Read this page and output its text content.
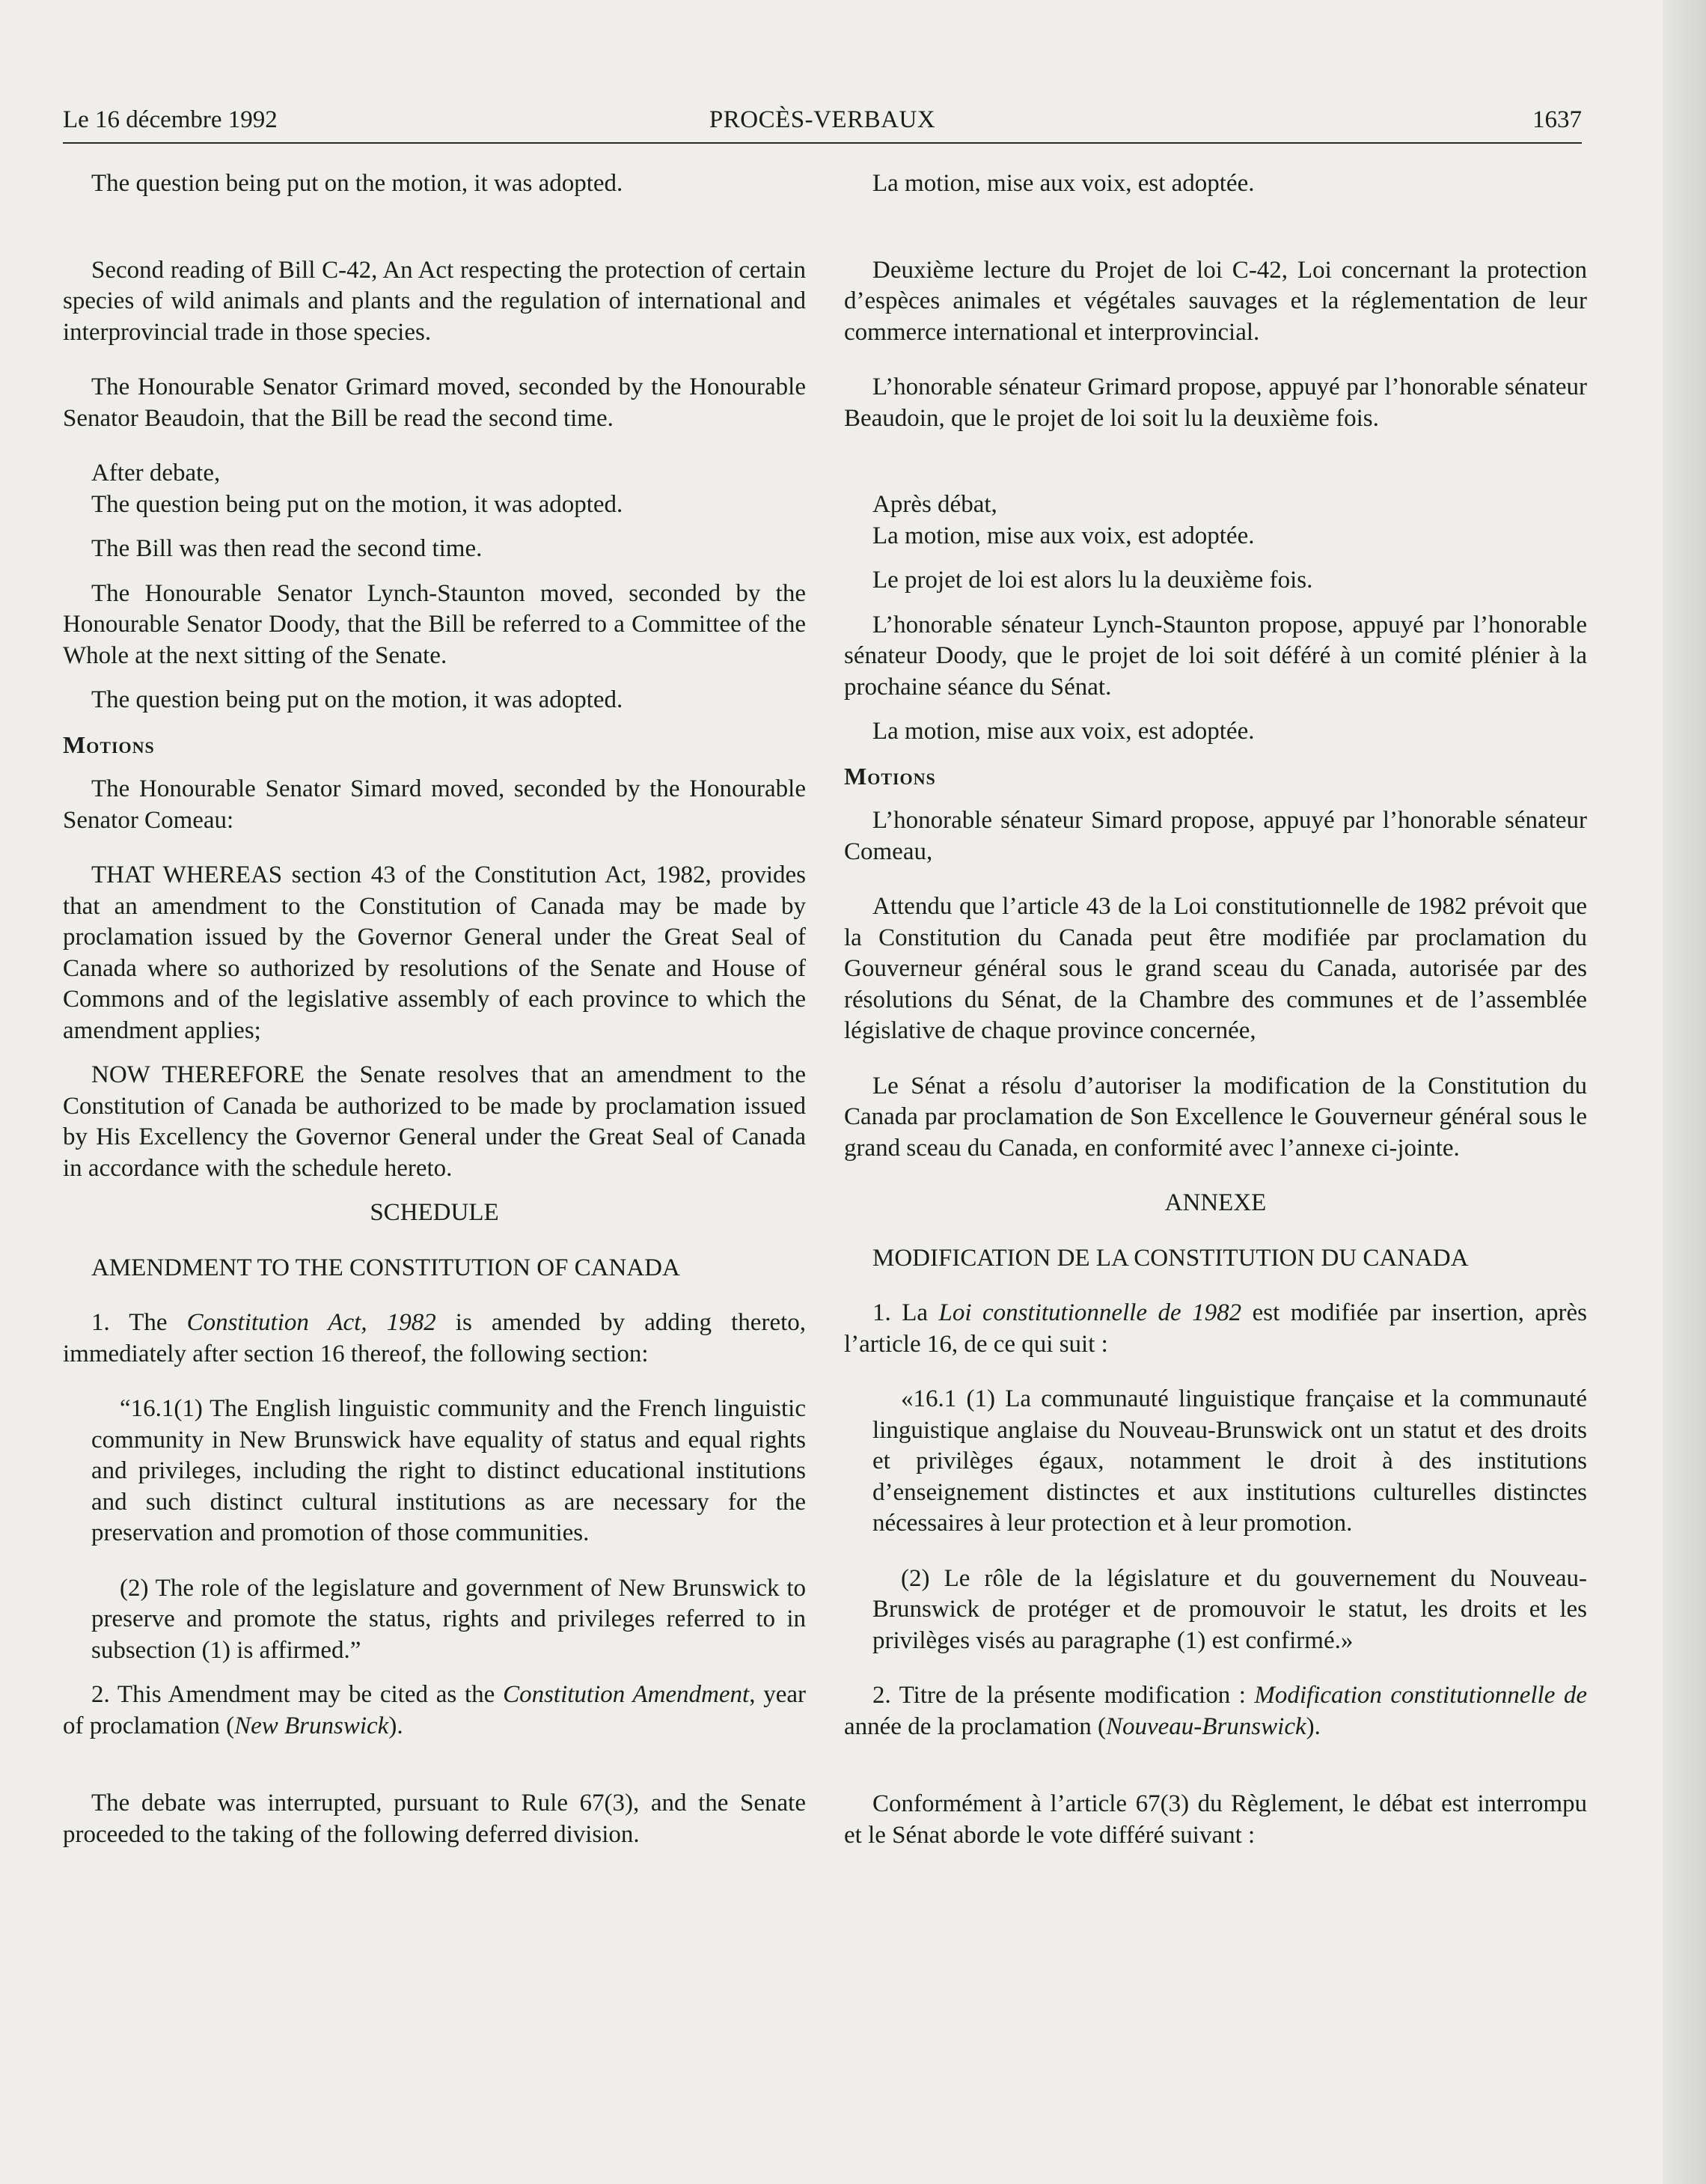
Le 16 décembre 1992	PROCÈS-VERBAUX	1637

The question being put on the motion, it was adopted.

Second reading of Bill C-42, An Act respecting the protection of certain species of wild animals and plants and the regulation of international and interprovincial trade in those species.

The Honourable Senator Grimard moved, seconded by the Honourable Senator Beaudoin, that the Bill be read the second time.

After debate,

The question being put on the motion, it was adopted.

The Bill was then read the second time.

The Honourable Senator Lynch-Staunton moved, seconded by the Honourable Senator Doody, that the Bill be referred to a Committee of the Whole at the next sitting of the Senate.

The question being put on the motion, it was adopted.

Motions

The Honourable Senator Simard moved, seconded by the Honourable Senator Comeau:

THAT WHEREAS section 43 of the Constitution Act, 1982, provides that an amendment to the Constitution of Canada may be made by proclamation issued by the Governor General under the Great Seal of Canada where so authorized by resolutions of the Senate and House of Commons and of the legislative assembly of each province to which the amendment applies;

NOW THEREFORE the Senate resolves that an amendment to the Constitution of Canada be authorized to be made by proclamation issued by His Excellency the Governor General under the Great Seal of Canada in accordance with the schedule hereto.

SCHEDULE

AMENDMENT TO THE CONSTITUTION OF CANADA

1. The Constitution Act, 1982 is amended by adding thereto, immediately after section 16 thereof, the following section:

“16.1(1) The English linguistic community and the French linguistic community in New Brunswick have equality of status and equal rights and privileges, including the right to distinct educational institutions and such distinct cultural institutions as are necessary for the preservation and promotion of those communities.

(2) The role of the legislature and government of New Brunswick to preserve and promote the status, rights and privileges referred to in subsection (1) is affirmed.”

2. This Amendment may be cited as the Constitution Amendment, year of proclamation (New Brunswick).

The debate was interrupted, pursuant to Rule 67(3), and the Senate proceeded to the taking of the following deferred division.

La motion, mise aux voix, est adoptée.

Deuxième lecture du Projet de loi C-42, Loi concernant la protection d’espèces animales et végétales sauvages et la réglementation de leur commerce international et interprovincial.

L’honorable sénateur Grimard propose, appuyé par l’honorable sénateur Beaudoin, que le projet de loi soit lu la deuxième fois.

Après débat,

La motion, mise aux voix, est adoptée.

Le projet de loi est alors lu la deuxième fois.

L’honorable sénateur Lynch-Staunton propose, appuyé par l’honorable sénateur Doody, que le projet de loi soit déféré à un comité plénier à la prochaine séance du Sénat.

La motion, mise aux voix, est adoptée.

Motions

L’honorable sénateur Simard propose, appuyé par l’honorable sénateur Comeau,

Attendu que l’article 43 de la Loi constitutionnelle de 1982 prévoit que la Constitution du Canada peut être modifiée par proclamation du Gouverneur général sous le grand sceau du Canada, autorisée par des résolutions du Sénat, de la Chambre des communes et de l’assemblée législative de chaque province concernée,

Le Sénat a résolu d’autoriser la modification de la Constitution du Canada par proclamation de Son Excellence le Gouverneur général sous le grand sceau du Canada, en conformité avec l’annexe ci-jointe.

ANNEXE

MODIFICATION DE LA CONSTITUTION DU CANADA

1. La Loi constitutionnelle de 1982 est modifiée par insertion, après l’article 16, de ce qui suit :

«16.1 (1) La communauté linguistique française et la communauté linguistique anglaise du Nouveau-Brunswick ont un statut et des droits et privilèges égaux, notamment le droit à des institutions d’enseignement distinctes et aux institutions culturelles distinctes nécessaires à leur protection et à leur promotion.

(2) Le rôle de la législature et du gouvernement du Nouveau-Brunswick de protéger et de promouvoir le statut, les droits et les privilèges visés au paragraphe (1) est confirmé.»

2. Titre de la présente modification : Modification constitutionnelle de année de la proclamation (Nouveau-Brunswick).

Conformément à l’article 67(3) du Règlement, le débat est interrompu et le Sénat aborde le vote différé suivant :
